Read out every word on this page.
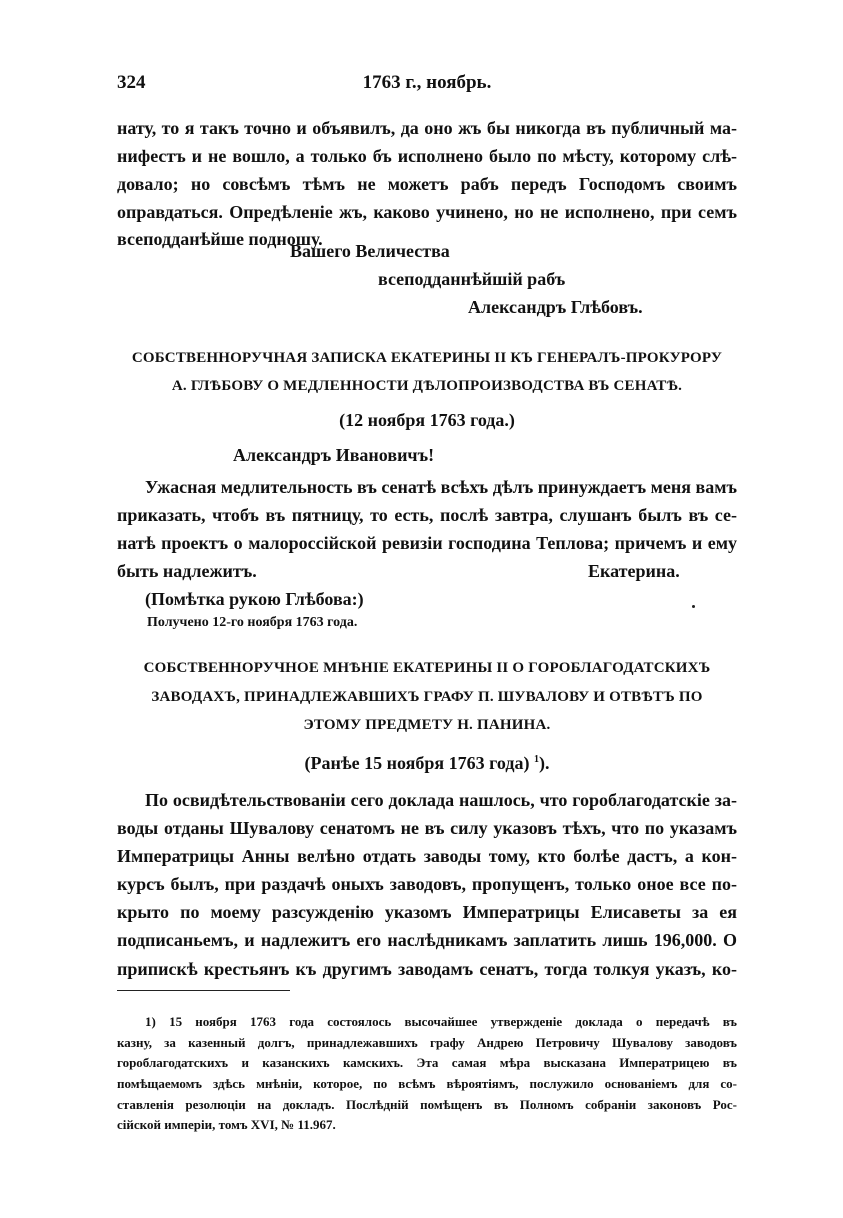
324	1763 г., ноябрь.
нату, то я такъ точно и объявилъ, да оно жъ бы никогда въ публичный ма-
нифестъ и не вошло, а только бъ исполнено было по мѣсту, которому слѣ-
довало; но совсѣмъ тѣмъ не можетъ рабъ передъ Господомъ своимъ
оправдаться. Опредѣленіе жъ, каково учинено, но не исполнено, при семъ
всеподданѣйше подношу.
Вашего Величества
всеподданнѣйшій рабъ
Александръ Глѣбовъ.
СОБСТВЕННОРУЧНАЯ ЗАПИСКА ЕКАТЕРИНЫ II КЪ ГЕНЕРАЛЪ-ПРОКУРОРУ
А. ГЛѢБОВУ О МЕДЛЕННОСТИ ДѢЛОПРОИЗВОДСТВА ВЪ СЕНАТѢ.
(12 ноября 1763 года.)
Александръ Ивановичъ!
Ужасная медлительность въ сенатѣ всѣхъ дѣлъ принуждаетъ меня вамъ
приказать, чтобъ въ пятницу, то есть, послѣ завтра, слушанъ былъ въ се-
натѣ проектъ о малороссійской ревизіи господина Теплова; причемъ и ему
быть надлежитъ.	Екатерина.
(Помѣтка рукою Глѣбова:)
Получено 12-го ноября 1763 года.
СОБСТВЕННОРУЧНОЕ МНѢНІЕ ЕКАТЕРИНЫ II О ГОРОБЛАГОДАТСКИХЪ
ЗАВОДАХЪ, ПРИНАДЛЕЖАВШИХЪ ГРАФУ П. ШУВАЛОВУ И ОТВѢТЪ ПО
ЭТОМУ ПРЕДМЕТУ Н. ПАНИНА.
(Ранѣе 15 ноября 1763 года) $^1$).
По освидѣтельствованіи сего доклада нашлось, что гороблагодатскіе за-
воды отданы Шувалову сенатомъ не въ силу указовъ тѣхъ, что по указамъ
Императрицы Анны велѣно отдать заводы тому, кто болѣе дастъ, а кон-
курсъ былъ, при раздачѣ оныхъ заводовъ, пропущенъ, только оное все по-
крыто по моему разсужденію указомъ Императрицы Елисаветы за ея
подписаньемъ, и надлежитъ его наслѣдникамъ заплатить лишь 196,000. О
припискѣ крестьянъ къ другимъ заводамъ сенатъ, тогда толкуя указъ, ко-
1) 15 ноября 1763 года состоялось высочайшее утвержденіе доклада о передачѣ въ
казну, за казенный долгъ, принадлежавшихъ графу Андрею Петровичу Шувалову заводовъ
гороблагодатскихъ и казанскихъ камскихъ. Эта самая мѣра высказана Императрицею въ
помѣщаемомъ здѣсь мнѣніи, которое, по всѣмъ вѣроятіямъ, послужило основаніемъ для со-
ставленія резолюціи на докладъ. Послѣдній помѣщенъ въ Полномъ собраніи законовъ Рос-
сійской имперіи, томъ XVI, № 11.967.
